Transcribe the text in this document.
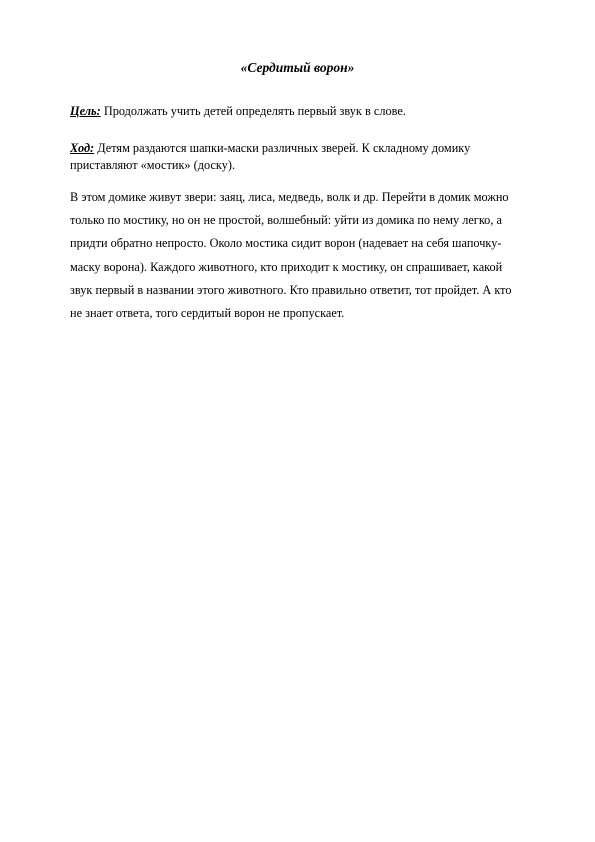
«Сердитый ворон»

Цель: Продолжать учить детей определять первый звук в слове.

Ход: Детям раздаются шапки-маски различных зверей. К складному домику
приставляют «мостик» (доску).

В этом домике живут звери: заяц, лиса, медведь, волк и др. Перейти в домик можно
только по мостику, но он не простой, волшебный: уйти из домика по нему легко, а
придти обратно непросто. Около мостика сидит ворон (надевает на себя шапочку-
маску ворона). Каждого животного, кто приходит к мостику, он спрашивает, какой
звук первый в названии этого животного. Кто правильно ответит, тот пройдет. А кто
не знает ответа, того сердитый ворон не пропускает.
